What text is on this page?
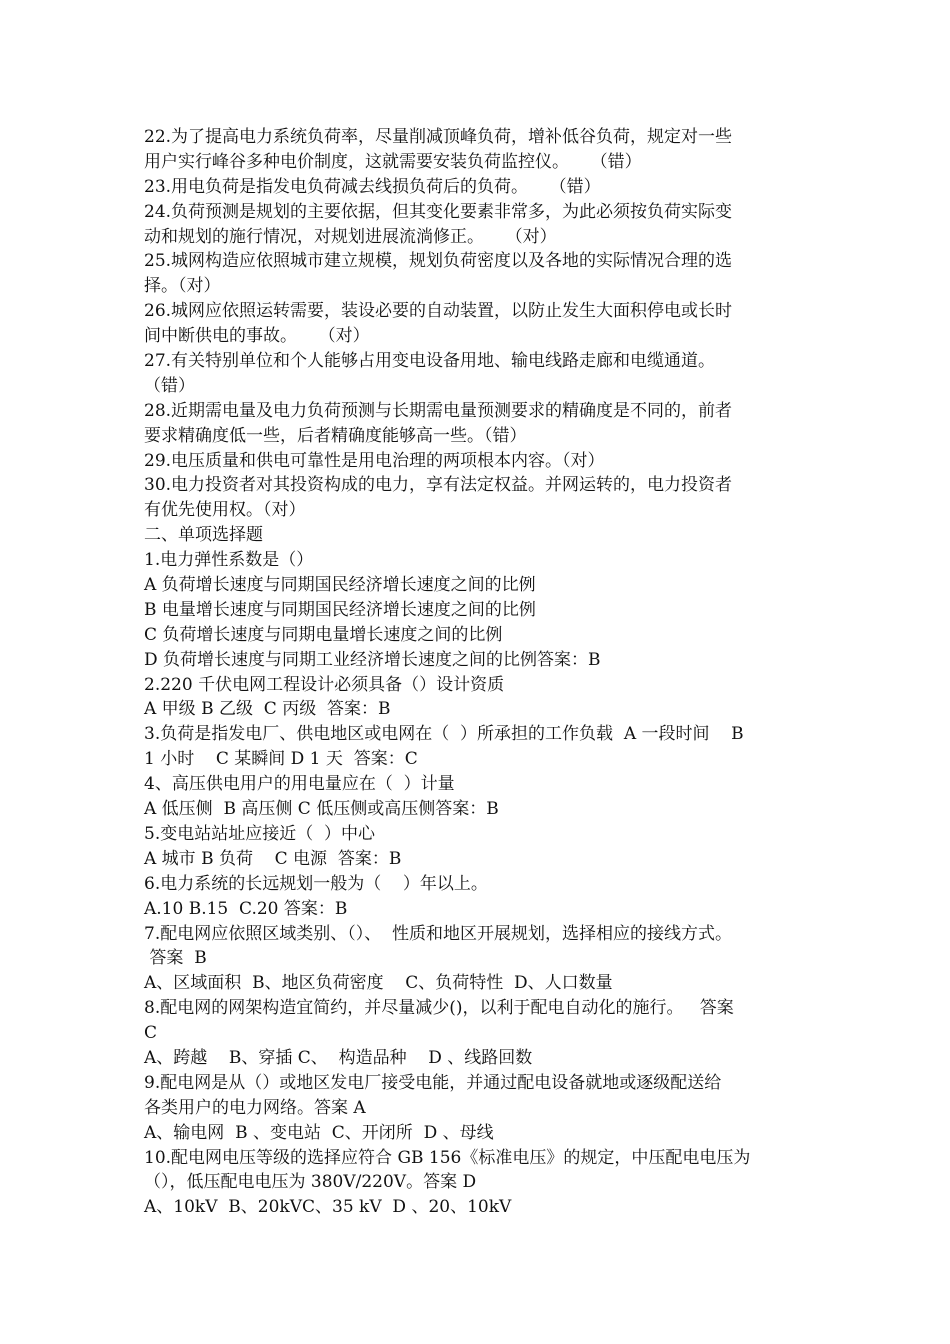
22.为了提高电力系统负荷率，尽量削减顶峰负荷，增补低谷负荷，规定对一些
用户实行峰谷多种电价制度，这就需要安装负荷监控仪。    （错）
23.用电负荷是指发电负荷减去线损负荷后的负荷。    （错）
24.负荷预测是规划的主要依据，但其变化要素非常多，为此必须按负荷实际变
动和规划的施行情况，对规划进展流淌修正。    （对）
25.城网构造应依照城市建立规模，规划负荷密度以及各地的实际情况合理的选
择。（对）
26.城网应依照运转需要，装设必要的自动装置，以防止发生大面积停电或长时
间中断供电的事故。    （对）
27.有关特别单位和个人能够占用变电设备用地、输电线路走廊和电缆通道。
（错）
28.近期需电量及电力负荷预测与长期需电量预测要求的精确度是不同的，前者
要求精确度低一些，后者精确度能够高一些。（错）
29.电压质量和供电可靠性是用电治理的两项根本内容。（对）
30.电力投资者对其投资构成的电力，享有法定权益。并网运转的，电力投资者
有优先使用权。（对）
二、单项选择题
1.电力弹性系数是（）
A 负荷增长速度与同期国民经济增长速度之间的比例
B 电量增长速度与同期国民经济增长速度之间的比例
C 负荷增长速度与同期电量增长速度之间的比例
D 负荷增长速度与同期工业经济增长速度之间的比例答案：B
2.220 千伏电网工程设计必须具备（）设计资质
A 甲级 B 乙级  C 丙级  答案：B
3.负荷是指发电厂、供电地区或电网在（  ）所承担的工作负载  A 一段时间    B
1 小时    C 某瞬间 D 1 天  答案：C
4、高压供电用户的用电量应在（  ）计量
A 低压侧  B 高压侧 C 低压侧或高压侧答案：B
5.变电站站址应接近（  ）中心
A 城市 B 负荷    C 电源  答案：B
6.电力系统的长远规划一般为（    ）年以上。
A.10 B.15  C.20 答案：B
7.配电网应依照区域类别、（）、  性质和地区开展规划，选择相应的接线方式。
答案  B
A、区域面积  B、地区负荷密度    C、负荷特性  D、人口数量
8.配电网的网架构造宜简约，并尽量减少()，以利于配电自动化的施行。   答案
C
A、跨越    B、穿插 C、  构造品种    D 、线路回数
9.配电网是从（）或地区发电厂接受电能，并通过配电设备就地或逐级配送给
各类用户的电力网络。答案 A
A、输电网  B 、变电站  C、开闭所  D 、母线
10.配电网电压等级的选择应符合 GB 156《标准电压》的规定，中压配电电压为
（），低压配电电压为 380V/220V。答案 D
A、10kV  B、20kVC、35 kV  D 、20、10kV
